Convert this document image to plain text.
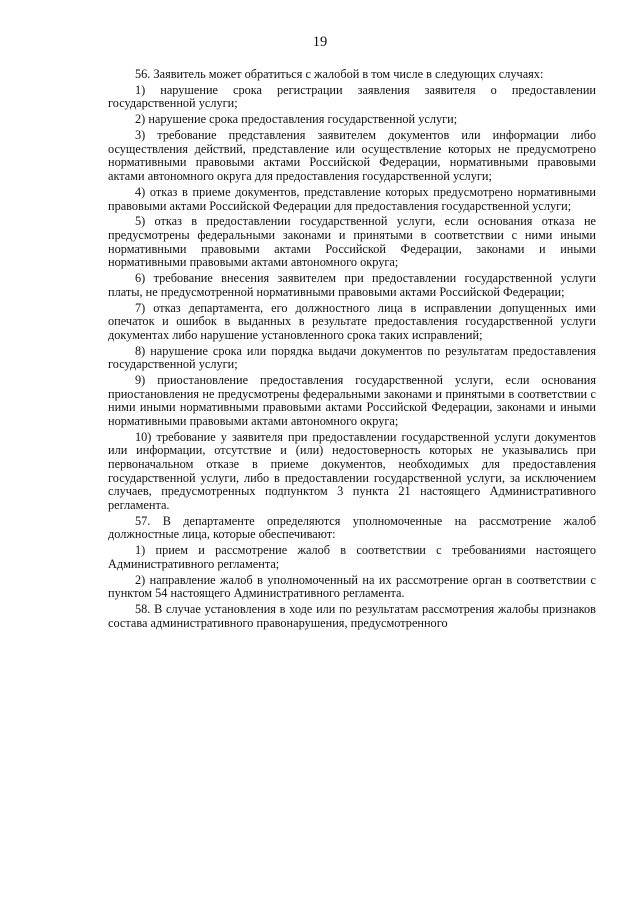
19

56. Заявитель может обратиться с жалобой в том числе в следующих случаях:

1) нарушение срока регистрации заявления заявителя о предоставлении государственной услуги;

2) нарушение срока предоставления государственной услуги;

3) требование представления заявителем документов или информации либо осуществления действий, представление или осуществление которых не предусмотрено нормативными правовыми актами Российской Федерации, нормативными правовыми актами автономного округа для предоставления государственной услуги;

4) отказ в приеме документов, представление которых предусмотрено нормативными правовыми актами Российской Федерации для предоставления государственной услуги;

5) отказ в предоставлении государственной услуги, если основания отказа не предусмотрены федеральными законами и принятыми в соответствии с ними иными нормативными правовыми актами Российской Федерации, законами и иными нормативными правовыми актами автономного округа;

6) требование внесения заявителем при предоставлении государственной услуги платы, не предусмотренной нормативными правовыми актами Российской Федерации;

7) отказ департамента, его должностного лица в исправлении допущенных ими опечаток и ошибок в выданных в результате предоставления государственной услуги документах либо нарушение установленного срока таких исправлений;

8) нарушение срока или порядка выдачи документов по результатам предоставления государственной услуги;

9) приостановление предоставления государственной услуги, если основания приостановления не предусмотрены федеральными законами и принятыми в соответствии с ними иными нормативными правовыми актами Российской Федерации, законами и иными нормативными правовыми актами автономного округа;

10) требование у заявителя при предоставлении государственной услуги документов или информации, отсутствие и (или) недостоверность которых не указывались при первоначальном отказе в приеме документов, необходимых для предоставления государственной услуги, либо в предоставлении государственной услуги, за исключением случаев, предусмотренных подпунктом 3 пункта 21 настоящего Административного регламента.

57. В департаменте определяются уполномоченные на рассмотрение жалоб должностные лица, которые обеспечивают:

1) прием и рассмотрение жалоб в соответствии с требованиями настоящего Административного регламента;

2) направление жалоб в уполномоченный на их рассмотрение орган в соответствии с пунктом 54 настоящего Административного регламента.

58. В случае установления в ходе или по результатам рассмотрения жалобы признаков состава административного правонарушения, предусмотренного
